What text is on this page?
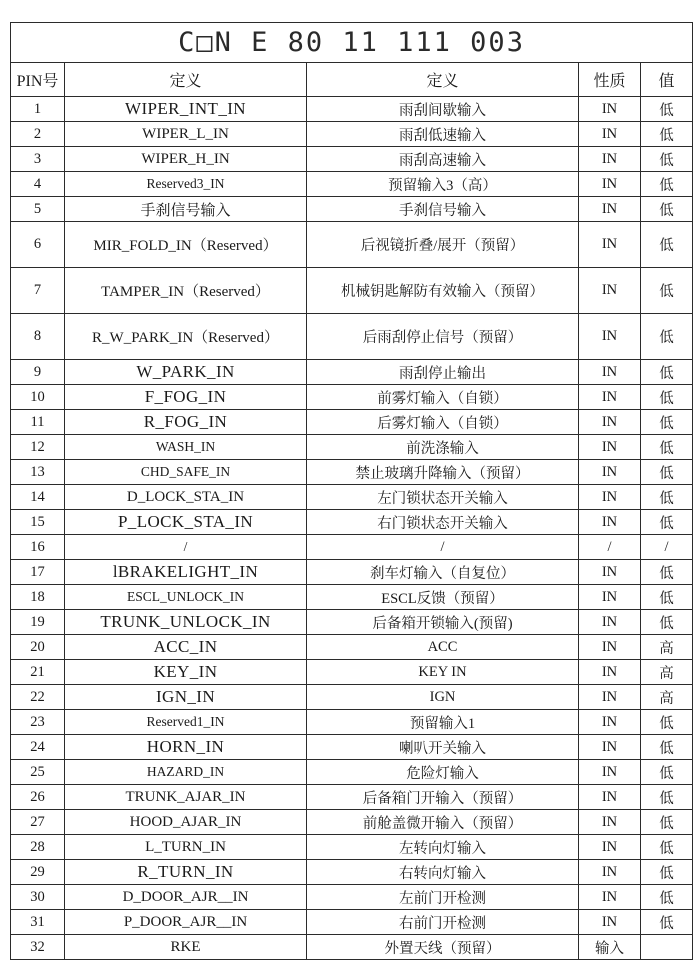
C□N E 80 11 111 003				
PIN号	定义	定义	性质	值
1	WIPER_INT_IN	雨刮间歇输入	IN	低
2	WIPER_L_IN	雨刮低速输入	IN	低
3	WIPER_H_IN	雨刮高速输入	IN	低
4	Reserved3_IN	预留输入3（高）	IN	低
5	手刹信号输入	手刹信号输入	IN	低
6	MIR_FOLD_IN（Reserved）	后视镜折叠/展开（预留）	IN	低
7	TAMPER_IN（Reserved）	机械钥匙解防有效输入（预留）	IN	低
8	R_W_PARK_IN（Reserved）	后雨刮停止信号（预留）	IN	低
9	W_PARK_IN	雨刮停止输出	IN	低
10	F_FOG_IN	前雾灯输入（自锁）	IN	低
11	R_FOG_IN	后雾灯输入（自锁）	IN	低
12	WASH_IN	前洗涤输入	IN	低
13	CHD_SAFE_IN	禁止玻璃升降输入（预留）	IN	低
14	D_LOCK_STA_IN	左门锁状态开关输入	IN	低
15	P_LOCK_STA_IN	右门锁状态开关输入	IN	低
16	/	/	/	/
17	lBRAKELIGHT_IN	刹车灯输入（自复位）	IN	低
18	ESCL_UNLOCK_IN	ESCL反馈（预留）	IN	低
19	TRUNK_UNLOCK_IN	后备箱开锁输入(预留)	IN	低
20	ACC_IN	ACC	IN	高
21	KEY_IN	KEY IN	IN	高
22	IGN_IN	IGN	IN	高
23	Reserved1_IN	预留输入1	IN	低
24	HORN_IN	喇叭开关输入	IN	低
25	HAZARD_IN	危险灯输入	IN	低
26	TRUNK_AJAR_IN	后备箱门开输入（预留）	IN	低
27	HOOD_AJAR_IN	前舱盖微开输入（预留）	IN	低
28	L_TURN_IN	左转向灯输入	IN	低
29	R_TURN_IN	右转向灯输入	IN	低
30	D_DOOR_AJR__IN	左前门开检测	IN	低
31	P_DOOR_AJR__IN	右前门开检测	IN	低
32	RKE	外置天线（预留）	输入	
